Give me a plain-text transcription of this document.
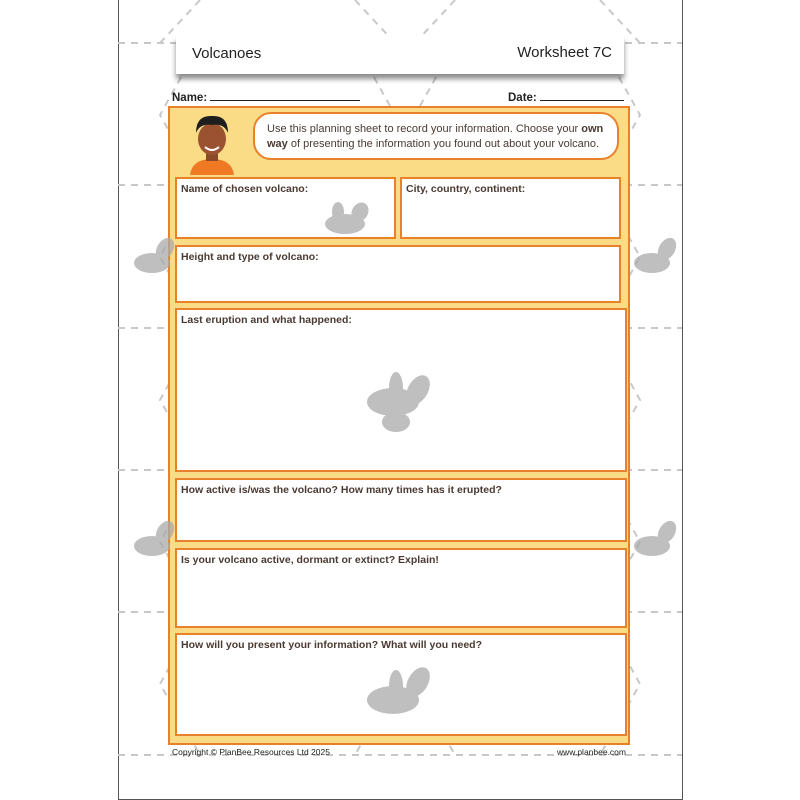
Volcanoes	Worksheet 7C
Name:	Date:
Use this planning sheet to record your information. Choose your own way of presenting the information you found out about your volcano.
Name of chosen volcano:	City, country, continent:
Height and type of volcano:
Last eruption and what happened:
How active is/was the volcano? How many times has it erupted?
Is your volcano active, dormant or extinct? Explain!
How will you present your information? What will you need?
Copyright © PlanBee Resources Ltd 2025	www.planbee.com
